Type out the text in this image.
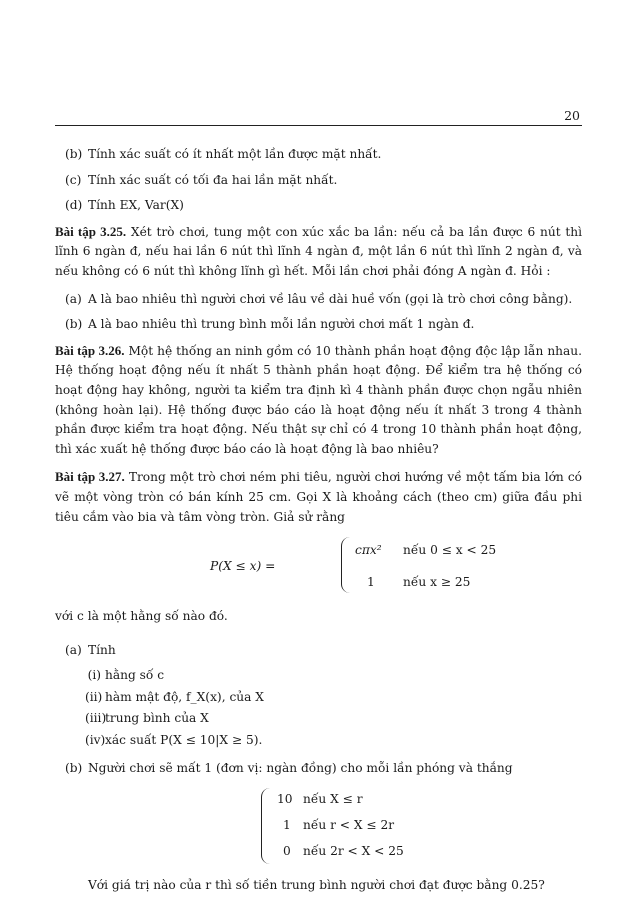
20
(b) Tính xác suất có ít nhất một lần được mặt nhất.
(c) Tính xác suất có tối đa hai lần mặt nhất.
(d) Tính EX, Var(X)

Bài tập 3.25. Xét trò chơi, tung một con xúc xắc ba lần: nếu cả ba lần được 6 nút thì lĩnh 6 ngàn đ, nếu hai lần 6 nút thì lĩnh 4 ngàn đ, một lần 6 nút thì lĩnh 2 ngàn đ, và nếu không có 6 nút thì không lĩnh gì hết. Mỗi lần chơi phải đóng A ngàn đ. Hỏi :

(a) A là bao nhiêu thì người chơi về lâu về dài huề vốn (gọi là trò chơi công bằng).
(b) A là bao nhiêu thì trung bình mỗi lần người chơi mất 1 ngàn đ.

Bài tập 3.26. Một hệ thống an ninh gồm có 10 thành phần hoạt động độc lập lẫn nhau. Hệ thống hoạt động nếu ít nhất 5 thành phần hoạt động. Để kiểm tra hệ thống có hoạt động hay không, người ta kiểm tra định kì 4 thành phần được chọn ngẫu nhiên (không hoàn lại). Hệ thống được báo cáo là hoạt động nếu ít nhất 3 trong 4 thành phần được kiểm tra hoạt động. Nếu thật sự chỉ có 4 trong 10 thành phần hoạt động, thì xác xuất hệ thống được báo cáo là hoạt động là bao nhiêu?

Bài tập 3.27. Trong một trò chơi ném phi tiêu, người chơi hướng về một tấm bia lớn có vẽ một vòng tròn có bán kính 25 cm. Gọi X là khoảng cách (theo cm) giữa đầu phi tiêu cắm vào bia và tâm vòng tròn. Giả sử rằng

P(X ≤ x) =
cπx² nếu 0 ≤ x < 25
1 nếu x ≥ 25

với c là một hằng số nào đó.

(a) Tính
(i) hằng số c
(ii) hàm mật độ, f_X(x), của X
(iii)
trung bình của X
(iv) xác suất P(X ≤ 10|X ≥ 5).
(b) Người chơi sẽ mất 1 (đơn vị: ngàn đồng) cho mỗi lần phóng và thắng
10 nếu X ≤ r
1 nếu r < X ≤ 2r
0 nếu 2r < X < 25

Với giá trị nào của r thì số tiền trung bình người chơi đạt được bằng 0.25?
